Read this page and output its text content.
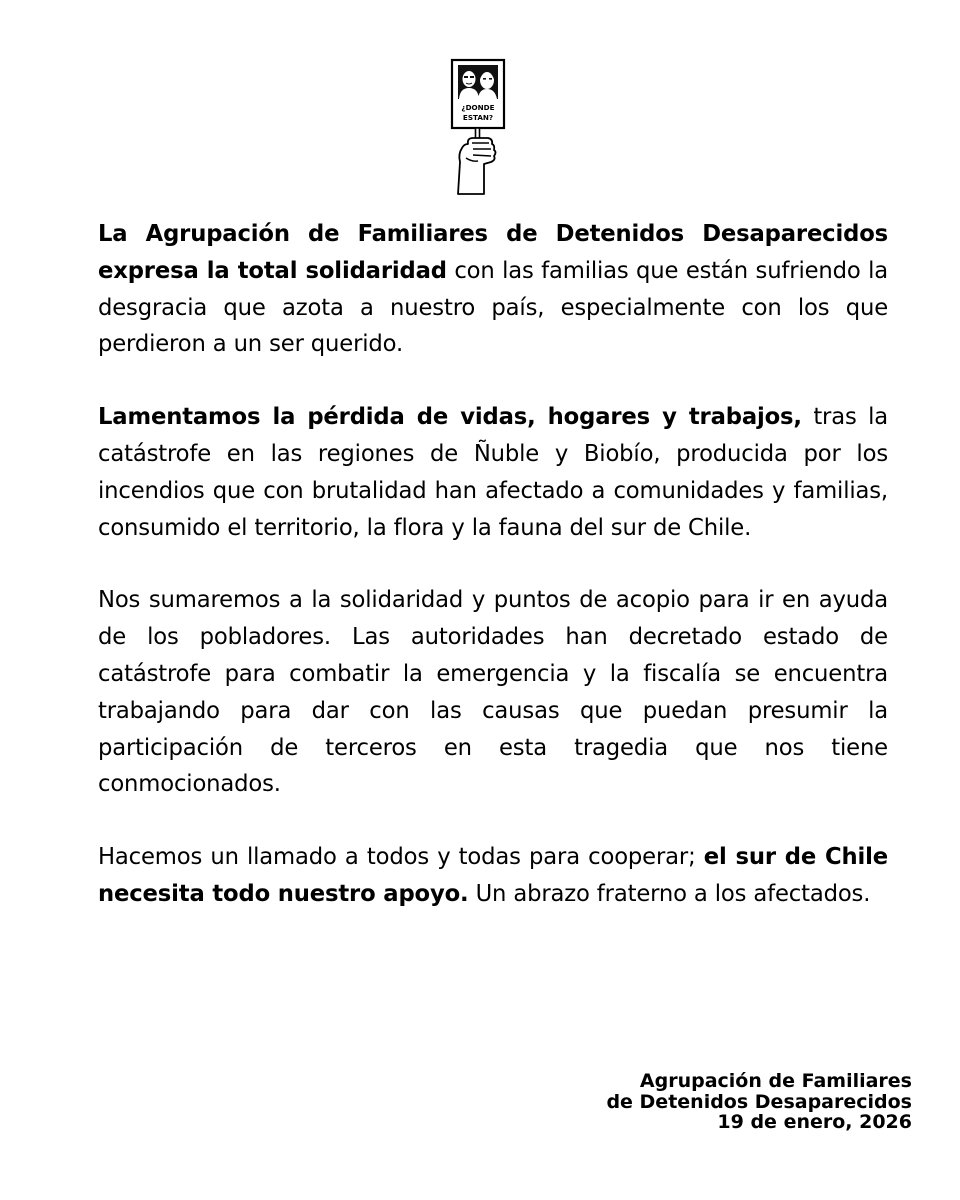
¿DONDE
ESTAN?

La Agrupación de Familiares de Detenidos Desaparecidos expresa la total solidaridad con las familias que están sufriendo la desgracia que azota a nuestro país, especialmente con los que perdieron a un ser querido.

Lamentamos la pérdida de vidas, hogares y trabajos, tras la catástrofe en las regiones de Ñuble y Biobío, producida por los incendios que con brutalidad han afectado a comunidades y familias, consumido el territorio, la flora y la fauna del sur de Chile.

Nos sumaremos a la solidaridad y puntos de acopio para ir en ayuda de los pobladores. Las autoridades han decretado estado de catástrofe para combatir la emergencia y la fiscalía se encuentra trabajando para dar con las causas que puedan presumir la participación de terceros en esta tragedia que nos tiene conmocionados.

Hacemos un llamado a todos y todas para cooperar; el sur de Chile necesita todo nuestro apoyo. Un abrazo fraterno a los afectados.

Agrupación de Familiares
de Detenidos Desaparecidos
19 de enero, 2026
